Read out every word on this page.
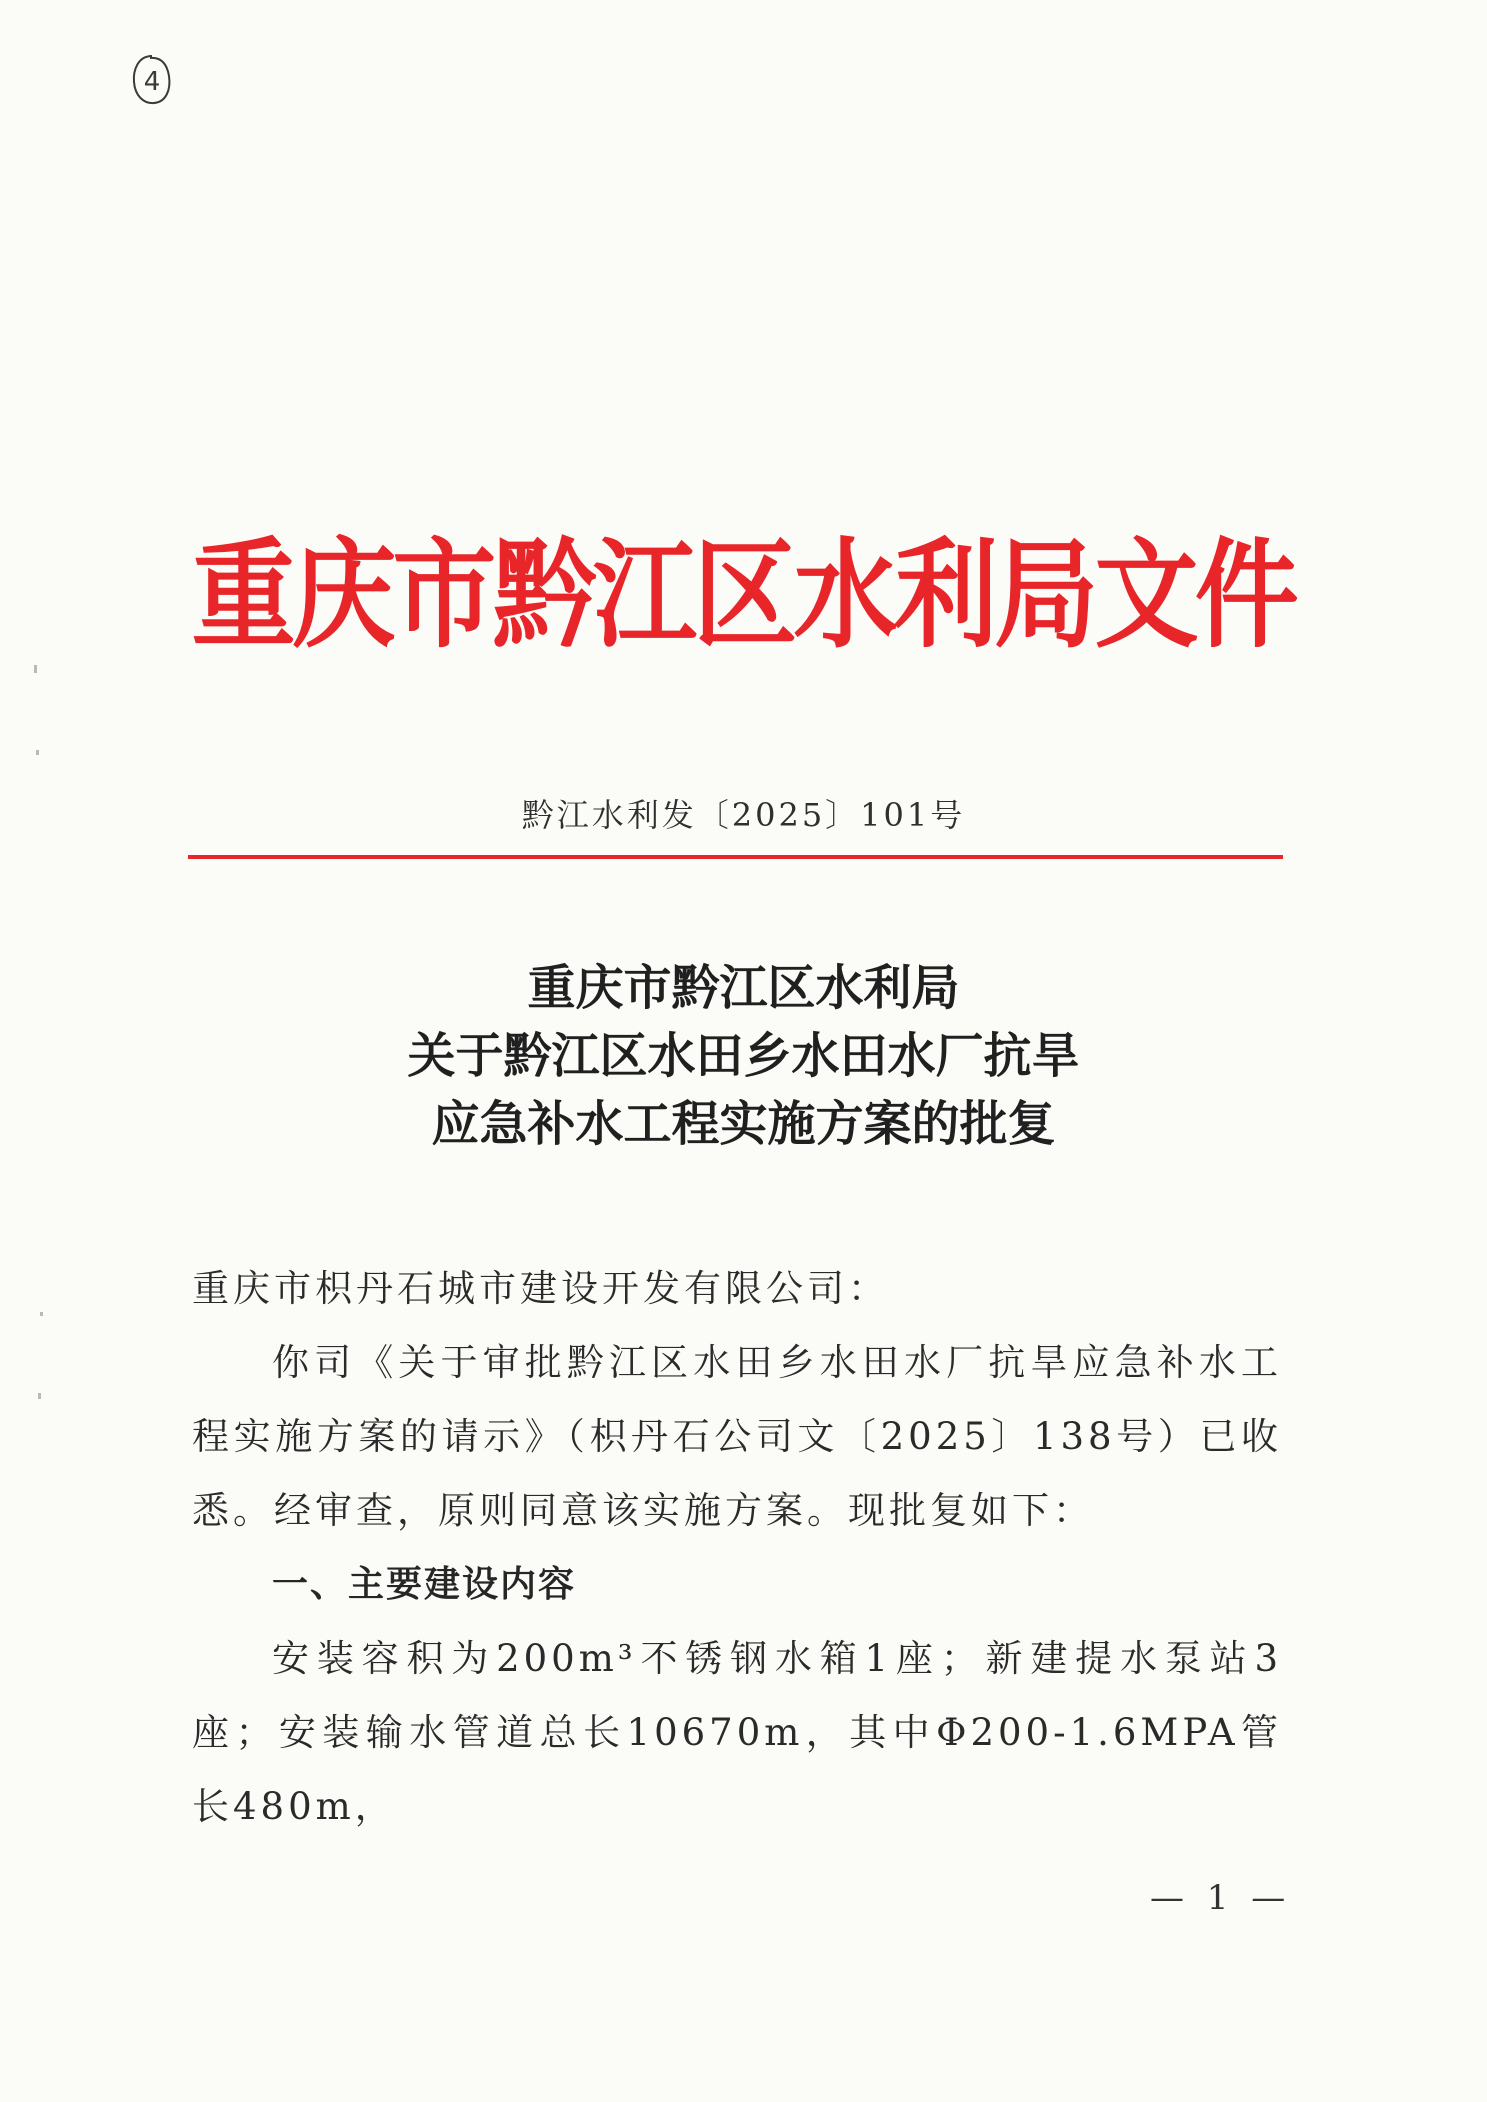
4
重庆市黔江区水利局文件
黔江水利发〔2025〕101号
重庆市黔江区水利局
关于黔江区水田乡水田水厂抗旱
应急补水工程实施方案的批复
重庆市枳丹石城市建设开发有限公司：
你司《关于审批黔江区水田乡水田水厂抗旱应急补水工程实施方案的请示》（枳丹石公司文〔2025〕138号）已收悉。经审查，原则同意该实施方案。现批复如下：
一、主要建设内容
安装容积为200m³不锈钢水箱1座；新建提水泵站3座；安装输水管道总长10670m，其中Φ200-1.6MPA管长480m，
— 1 —
